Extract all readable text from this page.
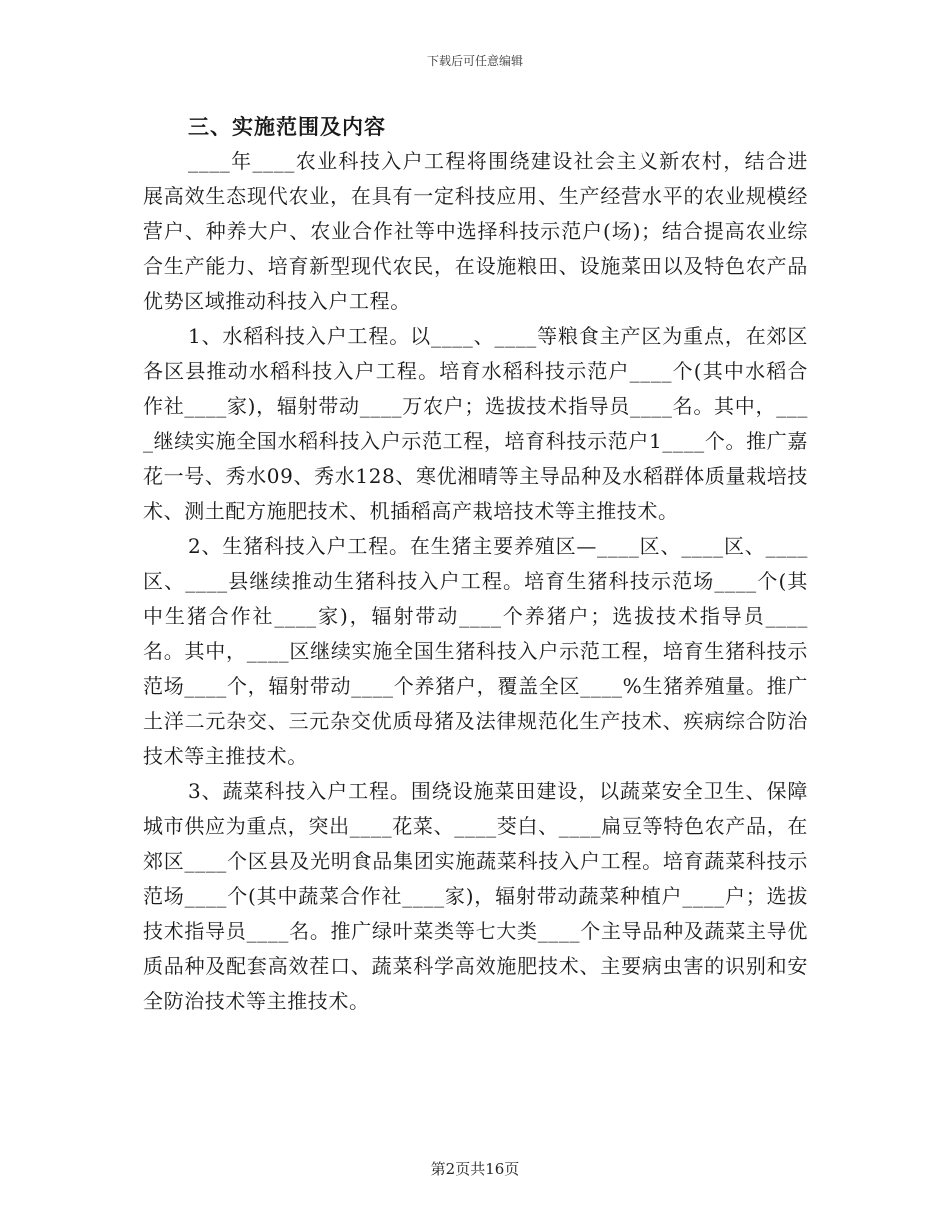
下载后可任意编辑
三、实施范围及内容

____年____农业科技入户工程将围绕建设社会主义新农村，结合进展高效生态现代农业，在具有一定科技应用、生产经营水平的农业规模经营户、种养大户、农业合作社等中选择科技示范户(场)；结合提高农业综合生产能力、培育新型现代农民，在设施粮田、设施菜田以及特色农产品优势区域推动科技入户工程。

1、水稻科技入户工程。以____、____等粮食主产区为重点，在郊区各区县推动水稻科技入户工程。培育水稻科技示范户____个(其中水稻合作社____家)，辐射带动____万农户；选拔技术指导员____名。其中，____继续实施全国水稻科技入户示范工程，培育科技示范户1____个。推广嘉花一号、秀水09、秀水128、寒优湘晴等主导品种及水稻群体质量栽培技术、测土配方施肥技术、机插稻高产栽培技术等主推技术。

2、生猪科技入户工程。在生猪主要养殖区—____区、____区、____区、____县继续推动生猪科技入户工程。培育生猪科技示范场____个(其中生猪合作社____家)，辐射带动____个养猪户；选拔技术指导员____名。其中，____区继续实施全国生猪科技入户示范工程，培育生猪科技示范场____个，辐射带动____个养猪户，覆盖全区____%生猪养殖量。推广土洋二元杂交、三元杂交优质母猪及法律规范化生产技术、疾病综合防治技术等主推技术。

3、蔬菜科技入户工程。围绕设施菜田建设，以蔬菜安全卫生、保障城市供应为重点，突出____花菜、____茭白、____扁豆等特色农产品，在郊区____个区县及光明食品集团实施蔬菜科技入户工程。培育蔬菜科技示范场____个(其中蔬菜合作社____家)，辐射带动蔬菜种植户____户；选拔技术指导员____名。推广绿叶菜类等七大类____个主导品种及蔬菜主导优质品种及配套高效茬口、蔬菜科学高效施肥技术、主要病虫害的识别和安全防治技术等主推技术。

第2页共16页
